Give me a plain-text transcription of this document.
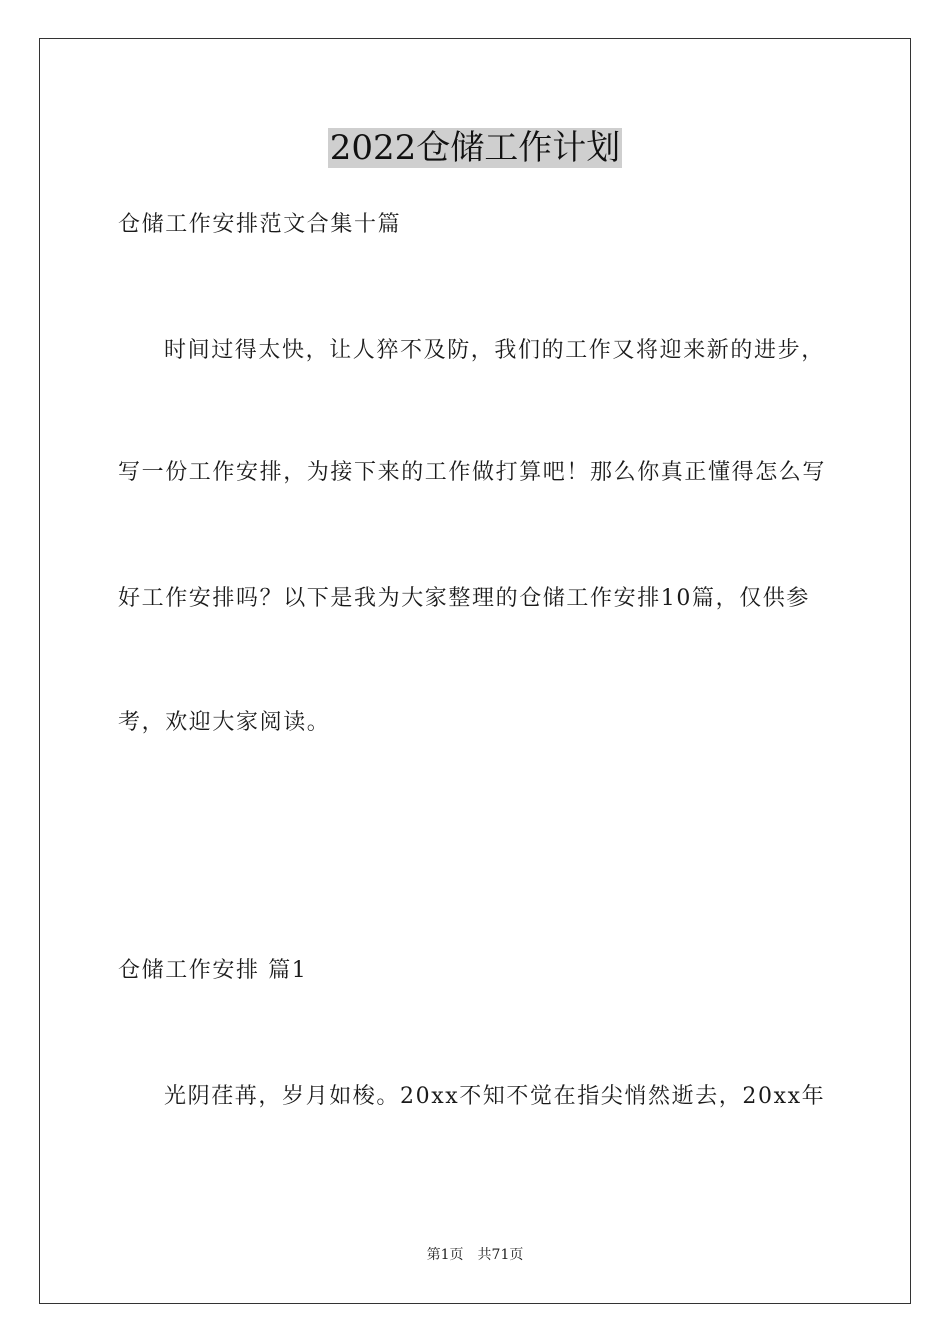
2022仓储工作计划
仓储工作安排范文合集十篇
时间过得太快，让人猝不及防，我们的工作又将迎来新的进步，
写一份工作安排，为接下来的工作做打算吧！那么你真正懂得怎么写
好工作安排吗？以下是我为大家整理的仓储工作安排10篇，仅供参
考，欢迎大家阅读。
仓储工作安排 篇1
光阴荏苒，岁月如梭。20xx不知不觉在指尖悄然逝去，20xx年
第1页 共71页
